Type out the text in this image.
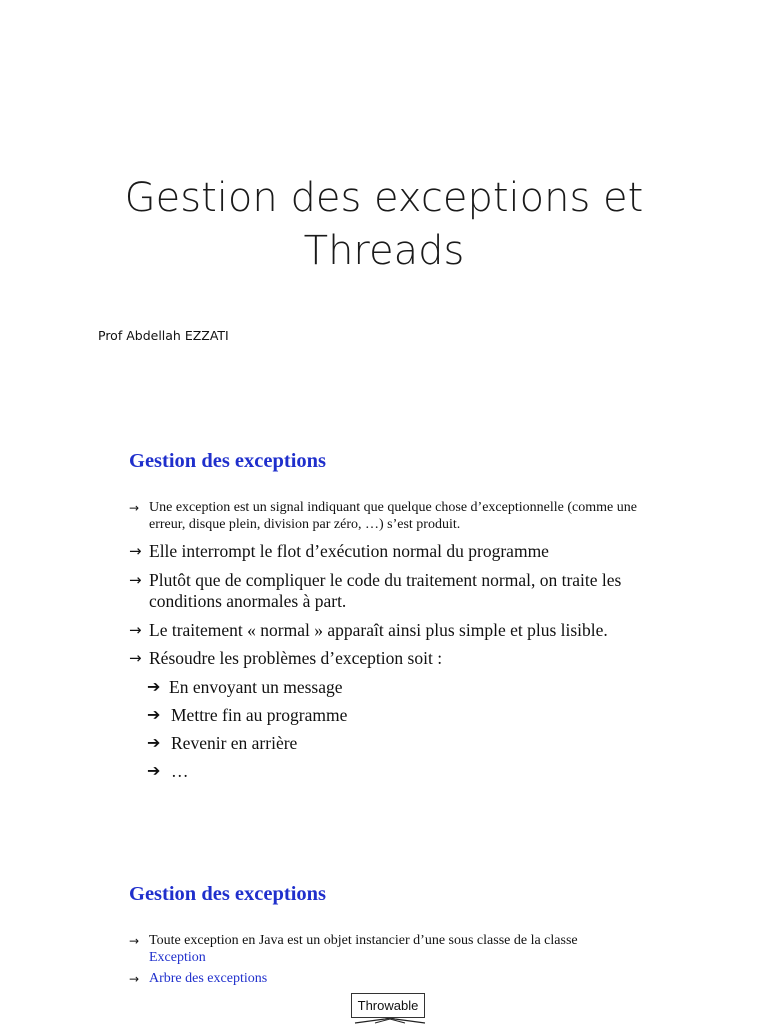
Gestion des exceptions et
Threads
Prof Abdellah EZZATI
Gestion des exceptions
→ Une exception est un signal indiquant que quelque chose d’exceptionnelle (comme une erreur, disque plein, division par zéro, …) s’est produit.
→ Elle interrompt le flot d’exécution normal du programme
→ Plutôt que de compliquer le code du traitement normal, on traite les conditions anormales à part.
→ Le traitement « normal » apparaît ainsi plus simple et plus lisible.
→ Résoudre les problèmes d’exception soit :
➔ En envoyant un message
➔ Mettre fin au programme
➔ Revenir en arrière
➔ …
Gestion des exceptions
→ Toute exception en Java est un objet instancier d’une sous classe de la classe
Exception
→ Arbre des exceptions
Throwable
